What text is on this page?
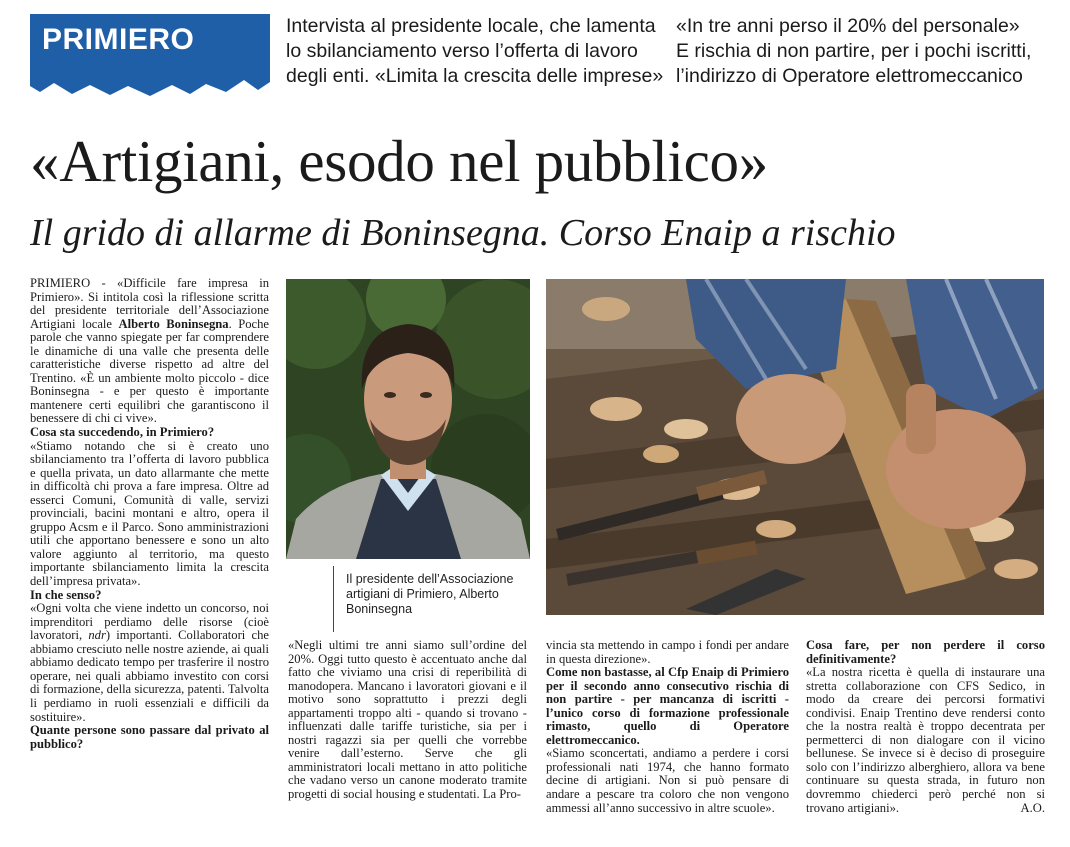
PRIMIERO	Intervista al presidente locale, che lamenta
lo sbilanciamento verso l’offerta di lavoro
degli enti. «Limita la crescita delle imprese»
«In tre anni perso il 20% del personale»
E rischia di non partire, per i pochi iscritti,
l’indirizzo di Operatore elettromeccanico
«Artigiani, esodo nel pubblico»
Il grido di allarme di Boninsegna. Corso Enaip a rischio

PRIMIERO - «Difficile fare impresa in Primiero». Si intitola così la riflessione scritta del presidente territoriale dell’Associazione Artigiani locale Alberto Boninsegna. Poche parole che vanno spiegate per far comprendere le dinamiche di una valle che presenta delle caratteristiche diverse rispetto ad altre del Trentino. «È un ambiente molto piccolo - dice Boninsegna - e per questo è importante mantenere certi equilibri che garantiscono il benessere di chi ci vive».

Cosa sta succedendo, in Primiero?

«Stiamo notando che si è creato uno sbilanciamento tra l’offerta di lavoro pubblica e quella privata, un dato allarmante che mette in difficoltà chi prova a fare impresa. Oltre ad esserci Comuni, Comunità di valle, servizi provinciali, bacini montani e altro, opera il gruppo Acsm e il Parco. Sono amministrazioni utili che apportano benessere e sono un alto valore aggiunto al territorio, ma questo importante sbilanciamento limita la crescita dell’impresa privata».

In che senso?

«Ogni volta che viene indetto un concorso, noi imprenditori perdiamo delle risorse (cioè lavoratori, ndr) importanti. Collaboratori che abbiamo cresciuto nelle nostre aziende, ai quali abbiamo dedicato tempo per trasferire il nostro operare, nei quali abbiamo investito con corsi di formazione, della sicurezza, patenti. Talvolta li perdiamo in ruoli essenziali e difficili da sostituire».

Quante persone sono passare dal privato al pubblico?

Il presidente dell’Associazione artigiani di Primiero, Alberto Boninsegna

«Negli ultimi tre anni siamo sull’ordine del 20%. Oggi tutto questo è accentuato anche dal fatto che viviamo una crisi di reperibilità di manodopera. Mancano i lavoratori giovani e il motivo sono soprattutto i prezzi degli appartamenti troppo alti - quando si trovano - influenzati dalle tariffe turistiche, sia per i nostri ragazzi sia per quelli che vorrebbe venire dall’esterno. Serve che gli amministratori locali mettano in atto politiche che vadano verso un canone moderato tramite progetti di social housing e studentati. La Pro-

vincia sta mettendo in campo i fondi per andare in questa direzione».

Come non bastasse, al Cfp Enaip di Primiero per il secondo anno consecutivo rischia di non partire - per mancanza di iscritti - l’unico corso di formazione professionale rimasto, quello di Operatore elettromeccanico.

«Siamo sconcertati, andiamo a perdere i corsi professionali nati 1974, che hanno formato decine di artigiani. Non si può pensare di andare a pescare tra coloro che non vengono ammessi all’anno successivo in altre scuole».

Cosa fare, per non perdere il corso definitivamente?

«La nostra ricetta è quella di instaurare una stretta collaborazione con CFS Sedico, in modo da creare dei percorsi formativi condivisi. Enaip Trentino deve rendersi conto che la nostra realtà è troppo decentrata per permetterci di non dialogare con il vicino bellunese. Se invece si è deciso di proseguire solo con l’indirizzo alberghiero, allora va bene continuare su questa strada, in futuro non dovremmo chiederci però perché non si trovano artigiani».	A.O.
